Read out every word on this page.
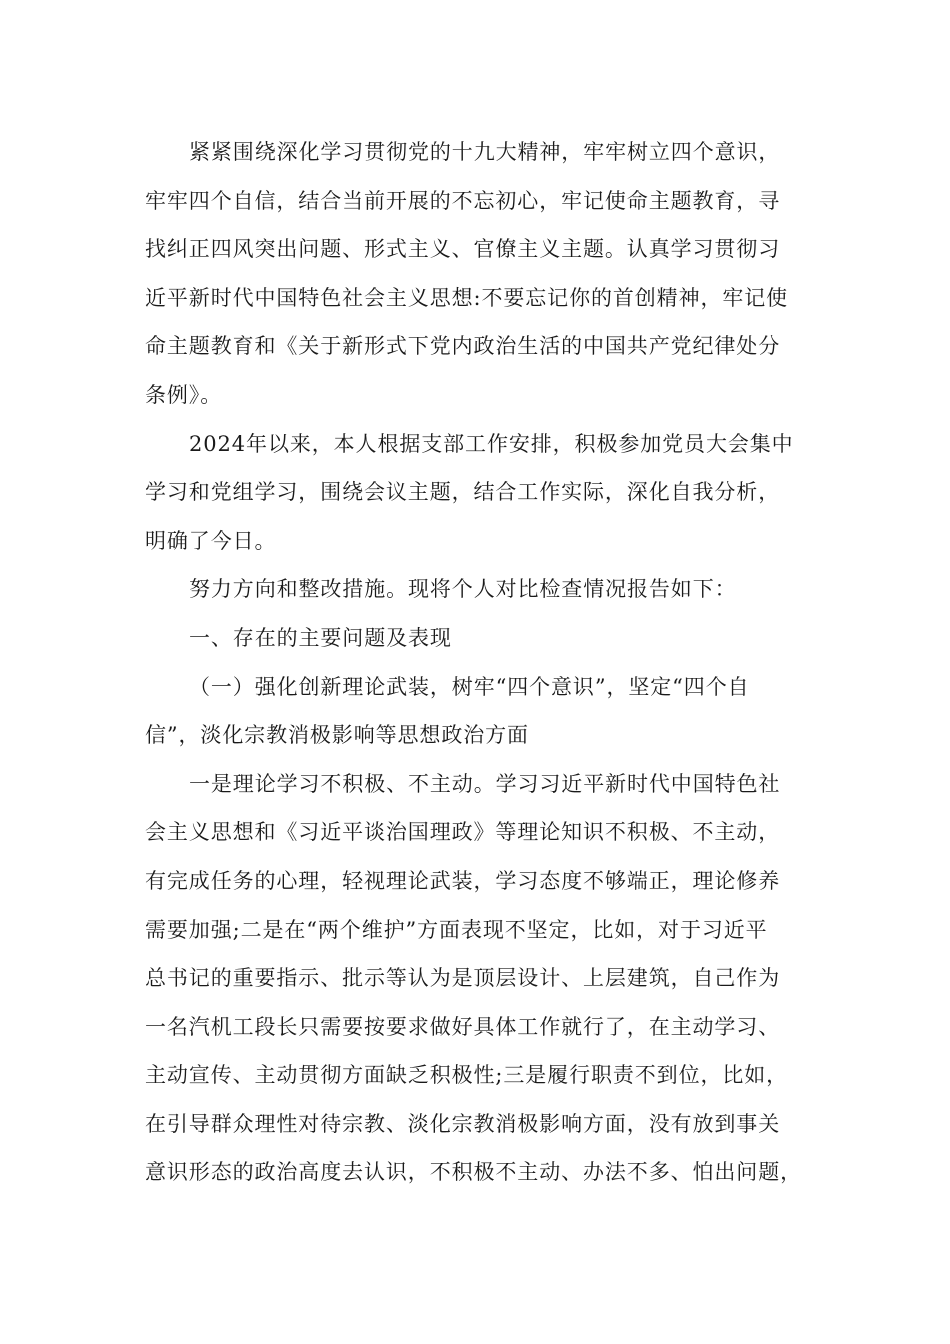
紧紧围绕深化学习贯彻党的十九大精神，牢牢树立四个意识，
牢牢四个自信，结合当前开展的不忘初心，牢记使命主题教育，寻
找纠正四风突出问题、形式主义、官僚主义主题。认真学习贯彻习
近平新时代中国特色社会主义思想:不要忘记你的首创精神，牢记使
命主题教育和《关于新形式下党内政治生活的中国共产党纪律处分
条例》。
2024年以来，本人根据支部工作安排，积极参加党员大会集中
学习和党组学习，围绕会议主题，结合工作实际，深化自我分析，
明确了今日。
努力方向和整改措施。现将个人对比检查情况报告如下：
一、存在的主要问题及表现
（一）强化创新理论武装，树牢“四个意识”，坚定“四个自
信”，淡化宗教消极影响等思想政治方面
一是理论学习不积极、不主动。学习习近平新时代中国特色社
会主义思想和《习近平谈治国理政》等理论知识不积极、不主动，
有完成任务的心理，轻视理论武装，学习态度不够端正，理论修养
需要加强;二是在“两个维护”方面表现不坚定，比如，对于习近平
总书记的重要指示、批示等认为是顶层设计、上层建筑，自己作为
一名汽机工段长只需要按要求做好具体工作就行了，在主动学习、
主动宣传、主动贯彻方面缺乏积极性;三是履行职责不到位，比如，
在引导群众理性对待宗教、淡化宗教消极影响方面，没有放到事关
意识形态的政治高度去认识，不积极不主动、办法不多、怕出问题，
